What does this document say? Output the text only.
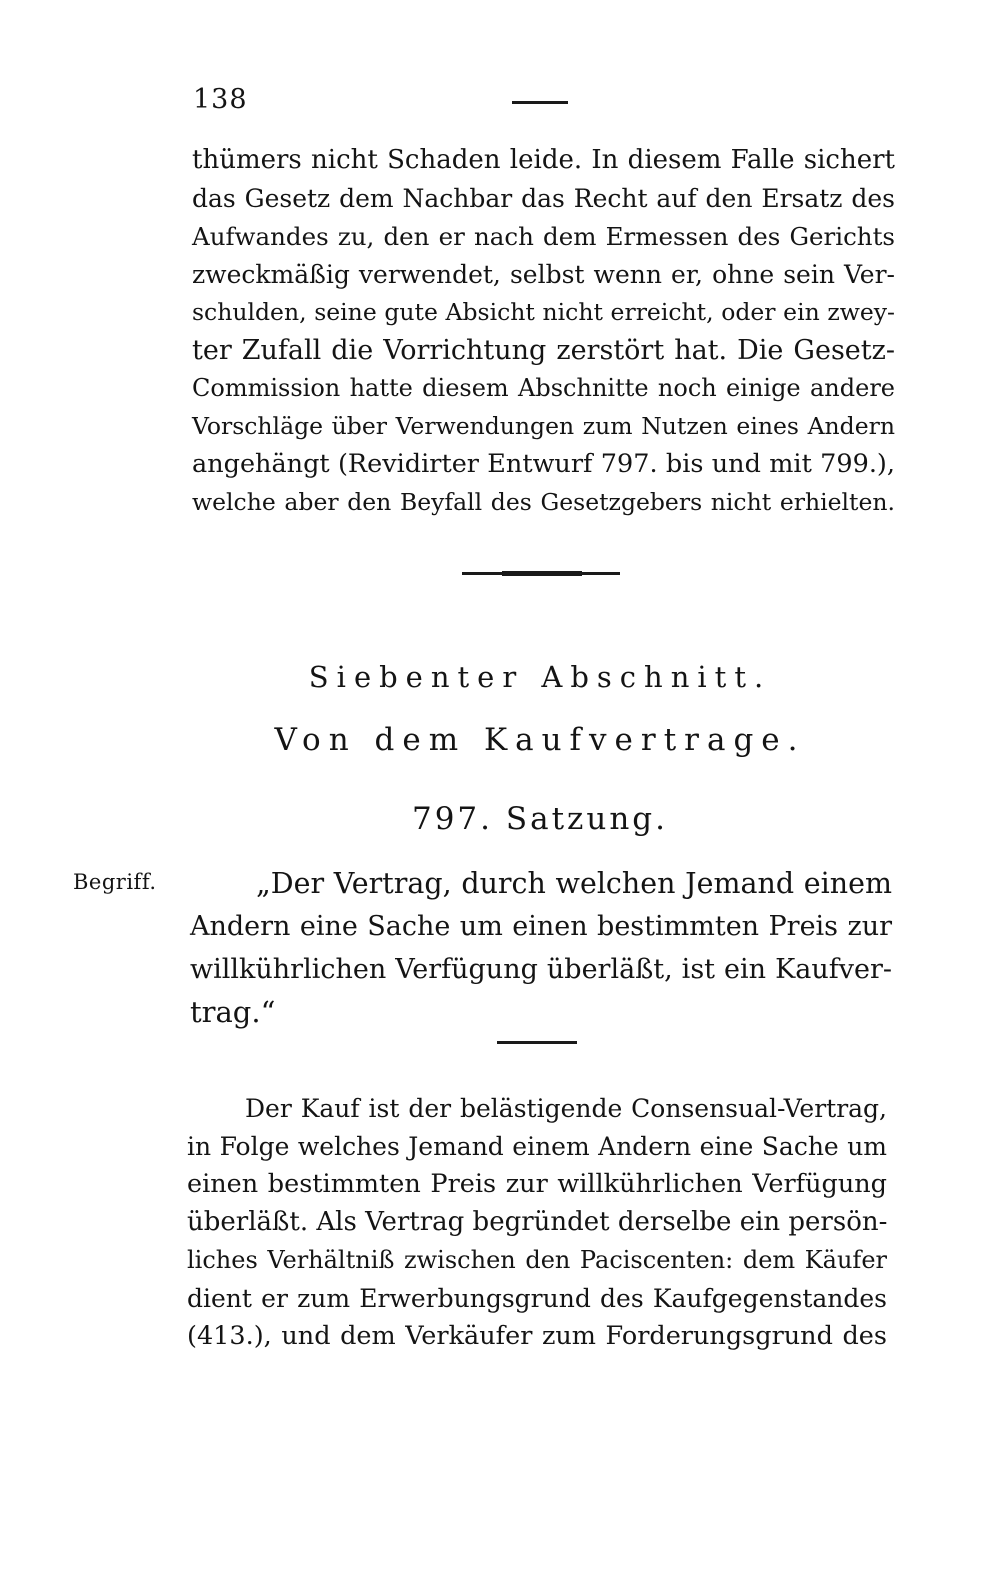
138
thümers nicht Schaden leide. In diesem Falle sichert
das Gesetz dem Nachbar das Recht auf den Ersatz des
Aufwandes zu, den er nach dem Ermessen des Gerichts
zweckmäßig verwendet, selbst wenn er, ohne sein Ver-
schulden, seine gute Absicht nicht erreicht, oder ein zwey-
ter Zufall die Vorrichtung zerstört hat. Die Gesetz-
Commission hatte diesem Abschnitte noch einige andere
Vorschläge über Verwendungen zum Nutzen eines Andern
angehängt (Revidirter Entwurf 797. bis und mit 799.),
welche aber den Beyfall des Gesetzgebers nicht erhielten.
Siebenter Abschnitt.
Von dem Kaufvertrage.
797. Satzung.
Begriff.	„Der Vertrag, durch welchen Jemand einem
Andern eine Sache um einen bestimmten Preis zur
willkührlichen Verfügung überläßt, ist ein Kaufver-
trag.“
Der Kauf ist der belästigende Consensual-Vertrag,
in Folge welches Jemand einem Andern eine Sache um
einen bestimmten Preis zur willkührlichen Verfügung
überläßt. Als Vertrag begründet derselbe ein persön-
liches Verhältniß zwischen den Paciscenten: dem Käufer
dient er zum Erwerbungsgrund des Kaufgegenstandes
(413.), und dem Verkäufer zum Forderungsgrund des
